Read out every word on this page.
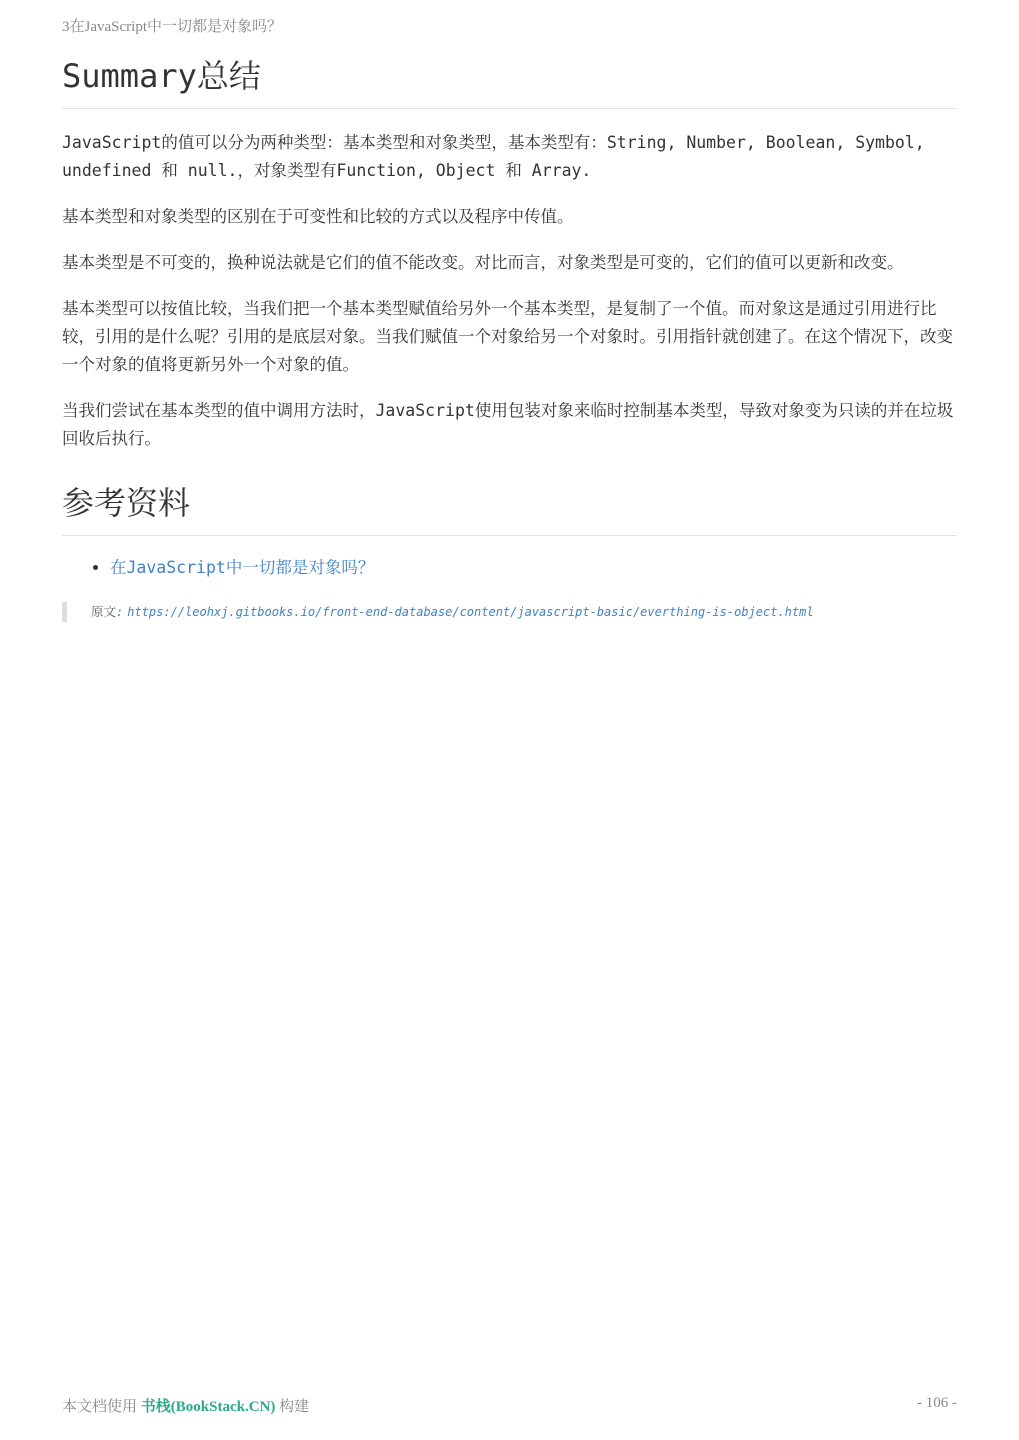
3在JavaScript中一切都是对象吗？
Summary总结

JavaScript的值可以分为两种类型：基本类型和对象类型，基本类型有：String, Number, Boolean, Symbol, undefined 和 null.，对象类型有Function, Object 和 Array.

基本类型和对象类型的区别在于可变性和比较的方式以及程序中传值。

基本类型是不可变的，换种说法就是它们的值不能改变。对比而言，对象类型是可变的，它们的值可以更新和改变。

基本类型可以按值比较，当我们把一个基本类型赋值给另外一个基本类型，是复制了一个值。而对象这是通过引用进行比较，引用的是什么呢？引用的是底层对象。当我们赋值一个对象给另一个对象时。引用指针就创建了。在这个情况下，改变一个对象的值将更新另外一个对象的值。

当我们尝试在基本类型的值中调用方法时，JavaScript使用包装对象来临时控制基本类型，导致对象变为只读的并在垃圾回收后执行。

参考资料
• 在JavaScript中一切都是对象吗？
原文: https://leohxj.gitbooks.io/front-end-database/content/javascript-basic/everthing-is-object.html
本文档使用 书栈(BookStack.CN) 构建	- 106 -
